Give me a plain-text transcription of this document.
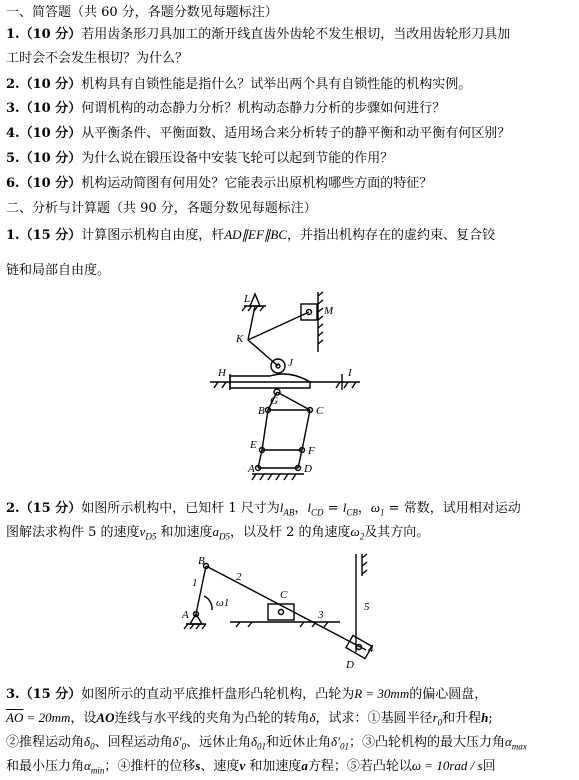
一、简答题（共 60 分，各题分数见每题标注）
1.（10 分）若用齿条形刀具加工的渐开线直齿外齿轮不发生根切，当改用齿轮形刀具加
工时会不会发生根切？为什么？
2.（10 分）机构具有自锁性能是指什么？试举出两个具有自锁性能的机构实例。
3.（10 分）何谓机构的动态静力分析？机构动态静力分析的步骤如何进行？
4.（10 分）从平衡条件、平衡面数、适用场合来分析转子的静平衡和动平衡有何区别？
5.（10 分）为什么说在锻压设备中安装飞轮可以起到节能的作用？
6.（10 分）机构运动简图有何用处？它能表示出原机构哪些方面的特征？
二、分析与计算题（共 90 分，各题分数见每题标注）
1.（15 分）计算图示机构自由度，杆AD∥EF∥BC，并指出机构存在的虚约束、复合铰
链和局部自由度。
L
M
K
J
H	I
G
B	C
E	F
A	D
2.（15 分）如图所示机构中，已知杆 1 尺寸为$l_{AB}$，$l_{CD} = l_{CB}$，$\omega_1$ = 常数，试用相对运动
图解法求构件 5 的速度$v_{D5}$ 和加速度$a_{D5}$，以及杆 2 的角速度$\omega_2$及其方向。
B
2
1
ω1
A
C
3
5
4
D
3.（15 分）如图所示的直动平底推杆盘形凸轮机构，凸轮为R = 30mm的偏心圆盘，
$\overline{AO} = 20mm$，设AO连线与水平线的夹角为凸轮的转角δ，试求：①基圆半径$r_0$和升程h;
②推程运动角$\delta_0$、回程运动角$\delta'_0$、远休止角$\delta_{01}$和近休止角$\delta'_{01}$；③凸轮机构的最大压力角$\alpha_{max}$
和最小压力角$\alpha_{min}$；④推杆的位移s、速度v 和加速度a方程；⑤若凸轮以ω = 10rad / s回
